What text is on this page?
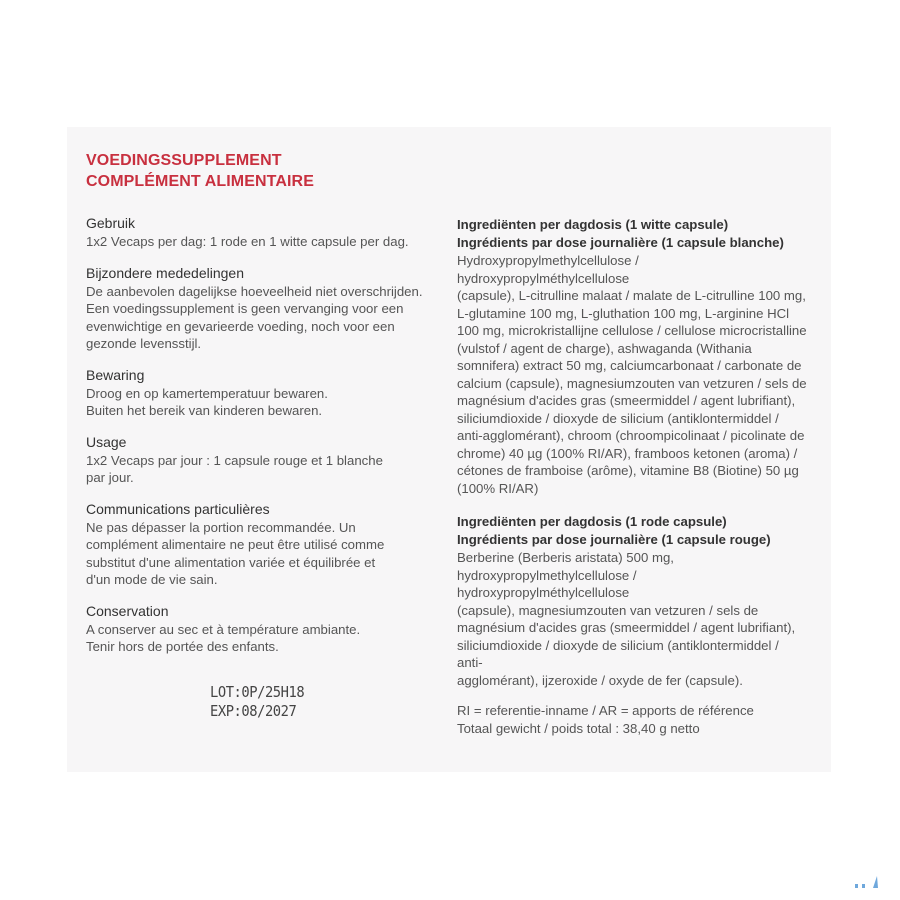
VOEDINGSSUPPLEMENT
COMPLÉMENT ALIMENTAIRE
Gebruik
1x2 Vecaps per dag: 1 rode en 1 witte capsule per dag.
Bijzondere mededelingen
De aanbevolen dagelijkse hoeveelheid niet overschrijden.
Een voedingssupplement is geen vervanging voor een
evenwichtige en gevarieerde voeding, noch voor een
gezonde levensstijl.
Bewaring
Droog en op kamertemperatuur bewaren.
Buiten het bereik van kinderen bewaren.
Usage
1x2 Vecaps par jour : 1 capsule rouge et 1 blanche
par jour.
Communications particulières
Ne pas dépasser la portion recommandée. Un
complément alimentaire ne peut être utilisé comme
substitut d'une alimentation variée et équilibrée et
d'un mode de vie sain.
Conservation
A conserver au sec et à température ambiante.
Tenir hors de portée des enfants.
LOT:0P/25H18
EXP:08/2027
Ingrediënten per dagdosis (1 witte capsule)
Ingrédients par dose journalière (1 capsule blanche)
Hydroxypropylmethylcellulose / hydroxypropylméthylcellulose
(capsule), L-citrulline malaat / malate de L-citrulline 100 mg,
L-glutamine 100 mg, L-gluthation 100 mg, L-arginine HCl
100 mg, microkristallijne cellulose / cellulose microcristalline
(vulstof / agent de charge), ashwaganda (Withania
somnifera) extract 50 mg, calciumcarbonaat / carbonate de
calcium (capsule), magnesiumzouten van vetzuren / sels de
magnésium d'acides gras (smeermiddel / agent lubrifiant),
siliciumdioxide / dioxyde de silicium (antiklontermiddel /
anti-agglomérant), chroom (chroompicolinaat / picolinate de
chrome) 40 µg (100% RI/AR), framboos ketonen (aroma) /
cétones de framboise (arôme), vitamine B8 (Biotine) 50 µg
(100% RI/AR)
Ingrediënten per dagdosis (1 rode capsule)
Ingrédients par dose journalière (1 capsule rouge)
Berberine (Berberis aristata) 500 mg,
hydroxypropylmethylcellulose / hydroxypropylméthylcellulose
(capsule), magnesiumzouten van vetzuren / sels de
magnésium d'acides gras (smeermiddel / agent lubrifiant),
siliciumdioxide / dioxyde de silicium (antiklontermiddel / anti-
agglomérant), ijzeroxide / oxyde de fer (capsule).
RI = referentie-inname / AR = apports de référence
Totaal gewicht / poids total : 38,40 g netto
